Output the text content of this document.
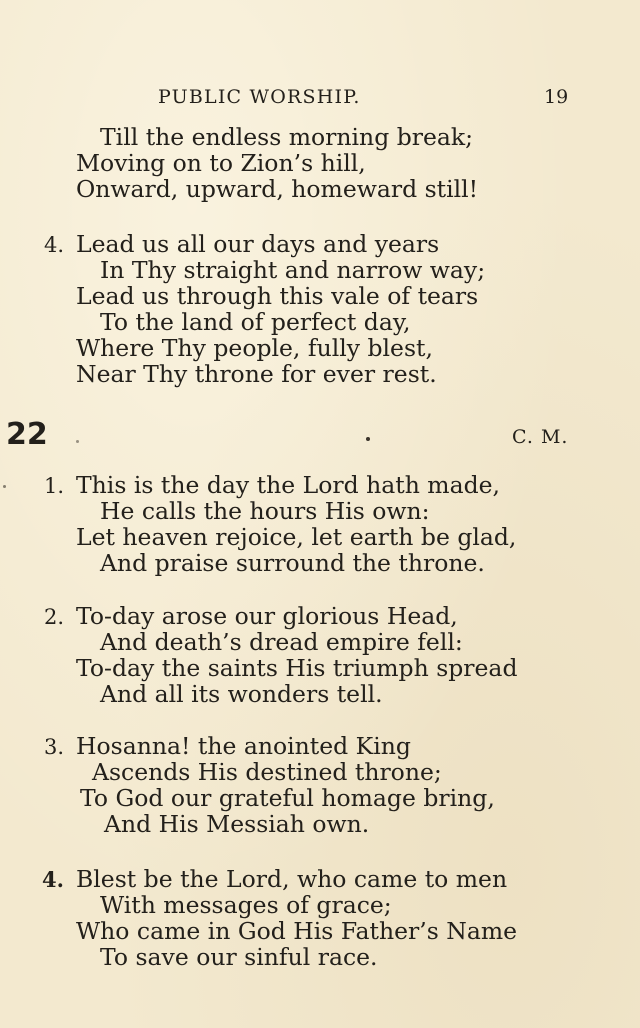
PUBLIC WORSHIP.	19
Till the endless morning break;
Moving on to Zion’s hill,
Onward, upward, homeward still!
4. Lead us all our days and years
In Thy straight and narrow way;
Lead us through this vale of tears
To the land of perfect day,
Where Thy people, fully blest,
Near Thy throne for ever rest.
22	C. M.
1. This is the day the Lord hath made,
He calls the hours His own:
Let heaven rejoice, let earth be glad,
And praise surround the throne.
2. To-day arose our glorious Head,
And death’s dread empire fell:
To-day the saints His triumph spread
And all its wonders tell.
3. Hosanna! the anointed King
Ascends His destined throne;
To God our grateful homage bring,
And His Messiah own.
4. Blest be the Lord, who came to men
With messages of grace;
Who came in God His Father’s Name
To save our sinful race.
